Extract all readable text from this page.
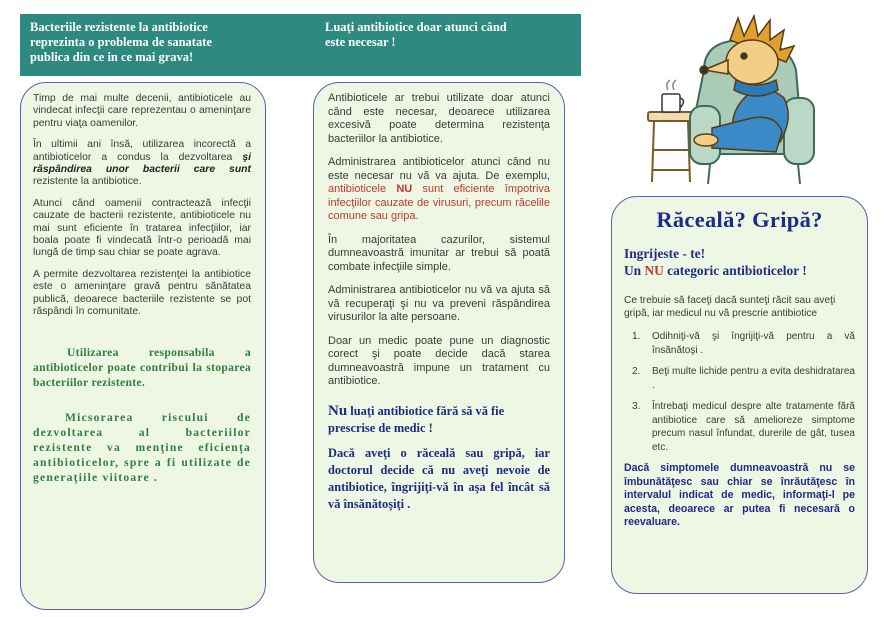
Bacteriile rezistente la antibiotice

reprezinta o problema de sanatate

publica din ce in ce mai grava!

Luaţi antibiotice doar atunci când

este necesar !

Timp de mai multe decenii, antibioticele au vindecat infecţii care reprezentau o ameninţare pentru viaţa oamenilor.

În ultimii ani însă, utilizarea incorectă a antibioticelor a condus la dezvoltarea şi răspândirea unor bacterii care sunt rezistente la antibiotice.

Atunci când oamenii contractează infecţii cauzate de bacterii rezistente, antibioticele nu mai sunt eficiente în tratarea infecţiilor, iar boala poate fi vindecată într-o perioadă mai lungă de timp sau chiar se poate agrava.

A permite dezvoltarea rezistenţei la antibiotice este o ameninţare gravă pentru sănătatea publică, deoarece bacteriile rezistente se pot răspândi în comunitate.

Utilizarea responsabila a antibioticelor poate contribui la stoparea bacteriilor rezistente.

Micsorarea riscului de dezvoltarea al bacteriilor rezistente va menţine eficienţa antibioticelor, spre a fi utilizate de generaţiile viitoare .

Antibioticele ar trebui utilizate doar atunci când este necesar, deoarece utilizarea excesivă poate determina rezistenţa bacteriilor la antibiotice.

Administrarea antibioticelor atunci când nu este necesar nu vă va ajuta. De exemplu, antibioticele NU sunt eficiente împotriva infecţiilor cauzate de virusuri, precum răcelile comune sau gripa.

În majoritatea cazurilor, sistemul dumneavoastră imunitar ar trebui să poată combate infecţiile simple.

Administrarea antibioticelor nu vă va ajuta să vă recuperaţi şi nu va preveni răspândirea virusurilor la alte persoane.

Doar un medic poate pune un diagnostic corect şi poate decide dacă starea dumneavoastră impune un tratament cu antibiotice.

Nu luaţi antibiotice fără să vă fie prescrise de medic !

Dacă aveţi o răceală sau gripă, iar doctorul decide că nu aveţi nevoie de antibiotice, îngrijiţi-vă în aşa fel încât să vă însănătoşiţi .

Răceală? Gripă?

Ingrijeste - te!

Un NU categoric antibioticelor !

Ce trebuie să faceţi dacă sunteţi răcit sau aveţi gripă, iar medicul nu vă prescrie antibiotice

1. Odihniţi-vă şi îngrijiţi-vă pentru a vă însănătoşi .
2. Beţi multe lichide pentru a evita deshidratarea .
3. Întrebaţi medicul despre alte tratamente fără antibiotice care să amelioreze simptome precum nasul înfundat, durerile de gât, tusea etc.

Dacă simptomele dumneavoastră nu se îmbunătăţesc sau chiar se înrăutăţesc în intervalul indicat de medic, informaţi-l pe acesta, deoarece ar putea fi necesară o reevaluare.
